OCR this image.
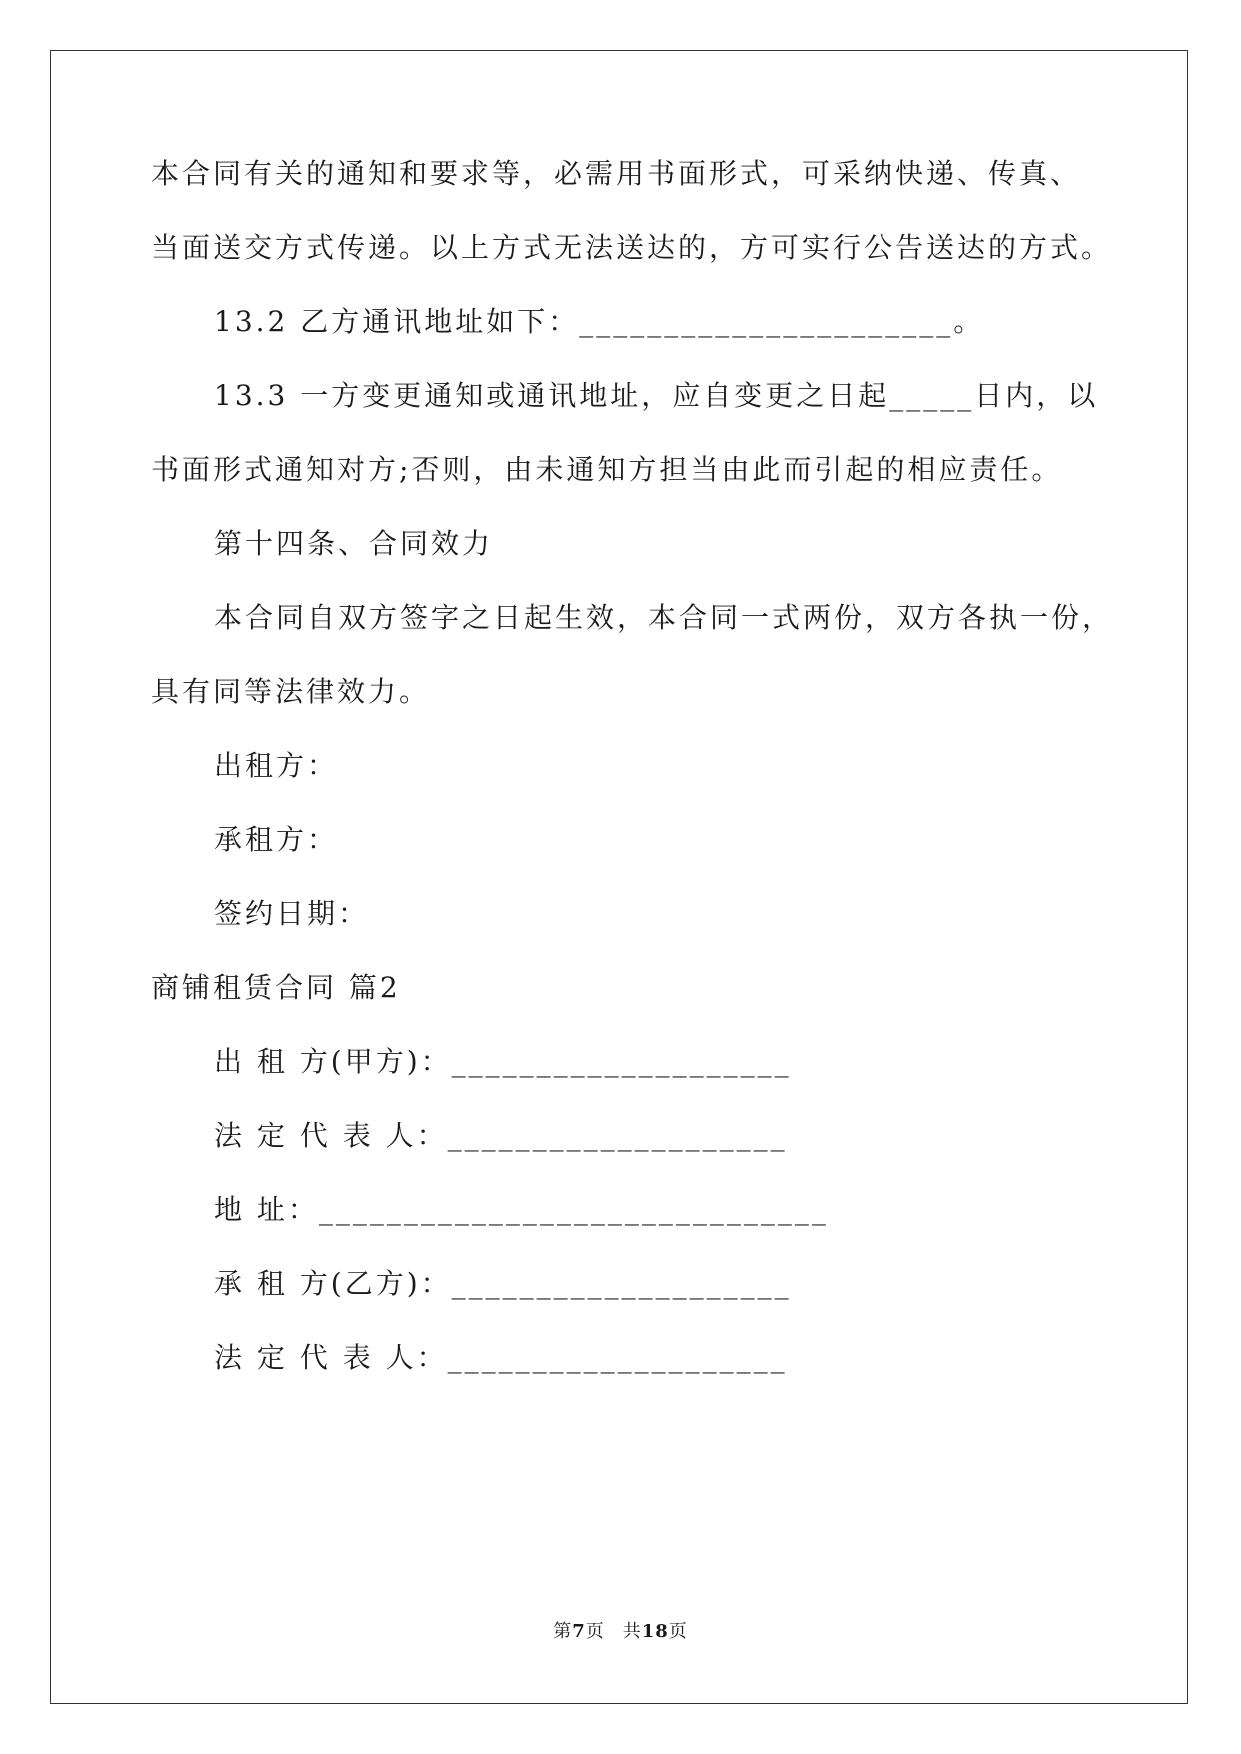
本合同有关的通知和要求等，必需用书面形式，可采纳快递、传真、
当面送交方式传递。以上方式无法送达的，方可实行公告送达的方式。
13.2 乙方通讯地址如下：______________________。
13.3 一方变更通知或通讯地址，应自变更之日起_____日内，以
书面形式通知对方;否则，由未通知方担当由此而引起的相应责任。
第十四条、合同效力
本合同自双方签字之日起生效，本合同一式两份，双方各执一份，
具有同等法律效力。
出租方：
承租方：
签约日期：
商铺租赁合同 篇2
出 租 方(甲方)：____________________
法 定 代 表 人：____________________
地 址：______________________________
承 租 方(乙方)：____________________
法 定 代 表 人：____________________
第7页 共18页
